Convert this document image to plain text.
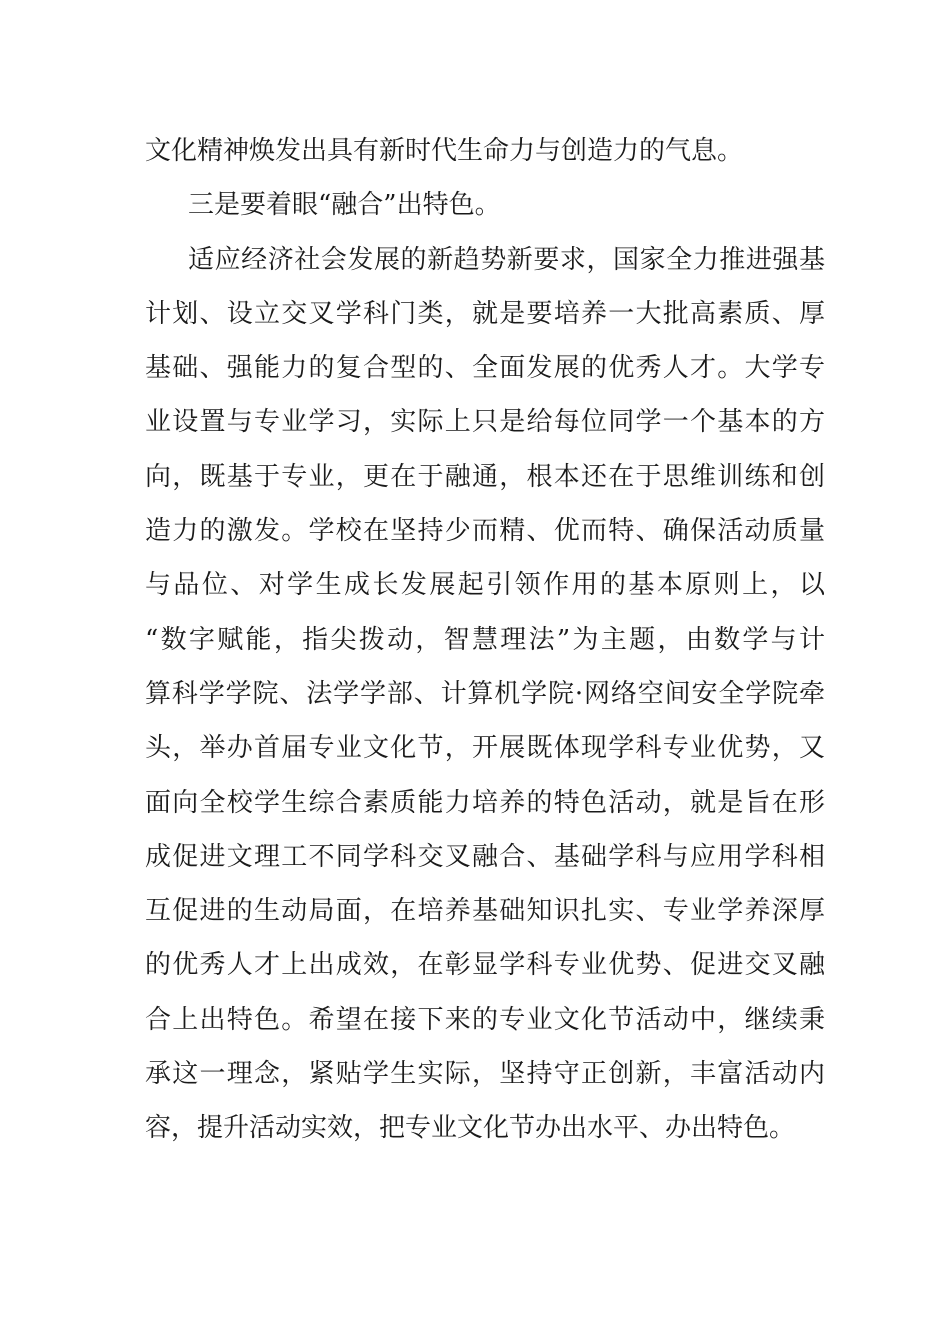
文化精神焕发出具有新时代生命力与创造力的气息。
三是要着眼“融合”出特色。
适应经济社会发展的新趋势新要求，国家全力推进强基
计划、设立交叉学科门类，就是要培养一大批高素质、厚
基础、强能力的复合型的、全面发展的优秀人才。大学专
业设置与专业学习，实际上只是给每位同学一个基本的方
向，既基于专业，更在于融通，根本还在于思维训练和创
造力的激发。学校在坚持少而精、优而特、确保活动质量
与品位、对学生成长发展起引领作用的基本原则上，以
“数字赋能，指尖拨动，智慧理法”为主题，由数学与计
算科学学院、法学学部、计算机学院·网络空间安全学院牵
头，举办首届专业文化节，开展既体现学科专业优势，又
面向全校学生综合素质能力培养的特色活动，就是旨在形
成促进文理工不同学科交叉融合、基础学科与应用学科相
互促进的生动局面，在培养基础知识扎实、专业学养深厚
的优秀人才上出成效，在彰显学科专业优势、促进交叉融
合上出特色。希望在接下来的专业文化节活动中，继续秉
承这一理念，紧贴学生实际，坚持守正创新，丰富活动内
容，提升活动实效，把专业文化节办出水平、办出特色。
